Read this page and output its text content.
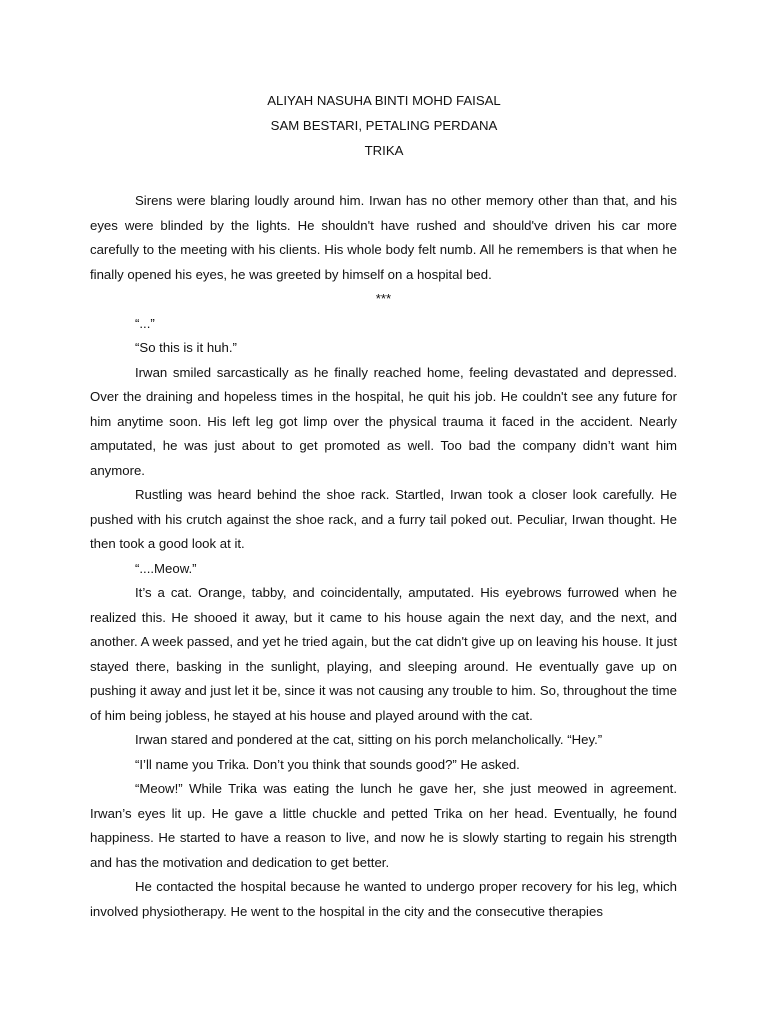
ALIYAH NASUHA BINTI MOHD FAISAL
SAM BESTARI, PETALING PERDANA
TRIKA

Sirens were blaring loudly around him. Irwan has no other memory other than that, and his eyes were blinded by the lights. He shouldn't have rushed and should've driven his car more carefully to the meeting with his clients. His whole body felt numb. All he remembers is that when he finally opened his eyes, he was greeted by himself on a hospital bed.

***

“...”

“So this is it huh.”

Irwan smiled sarcastically as he finally reached home, feeling devastated and depressed. Over the draining and hopeless times in the hospital, he quit his job. He couldn't see any future for him anytime soon. His left leg got limp over the physical trauma it faced in the accident. Nearly amputated, he was just about to get promoted as well. Too bad the company didn’t want him anymore.

Rustling was heard behind the shoe rack. Startled, Irwan took a closer look carefully. He pushed with his crutch against the shoe rack, and a furry tail poked out. Peculiar, Irwan thought. He then took a good look at it.

“....Meow.”

It’s a cat. Orange, tabby, and coincidentally, amputated. His eyebrows furrowed when he realized this. He shooed it away, but it came to his house again the next day, and the next, and another. A week passed, and yet he tried again, but the cat didn't give up on leaving his house. It just stayed there, basking in the sunlight, playing, and sleeping around. He eventually gave up on pushing it away and just let it be, since it was not causing any trouble to him. So, throughout the time of him being jobless, he stayed at his house and played around with the cat.

Irwan stared and pondered at the cat, sitting on his porch melancholically. “Hey.”

“I’ll name you Trika. Don’t you think that sounds good?” He asked.

“Meow!” While Trika was eating the lunch he gave her, she just meowed in agreement. Irwan’s eyes lit up. He gave a little chuckle and petted Trika on her head. Eventually, he found happiness. He started to have a reason to live, and now he is slowly starting to regain his strength and has the motivation and dedication to get better.

He contacted the hospital because he wanted to undergo proper recovery for his leg, which involved physiotherapy. He went to the hospital in the city and the consecutive therapies
